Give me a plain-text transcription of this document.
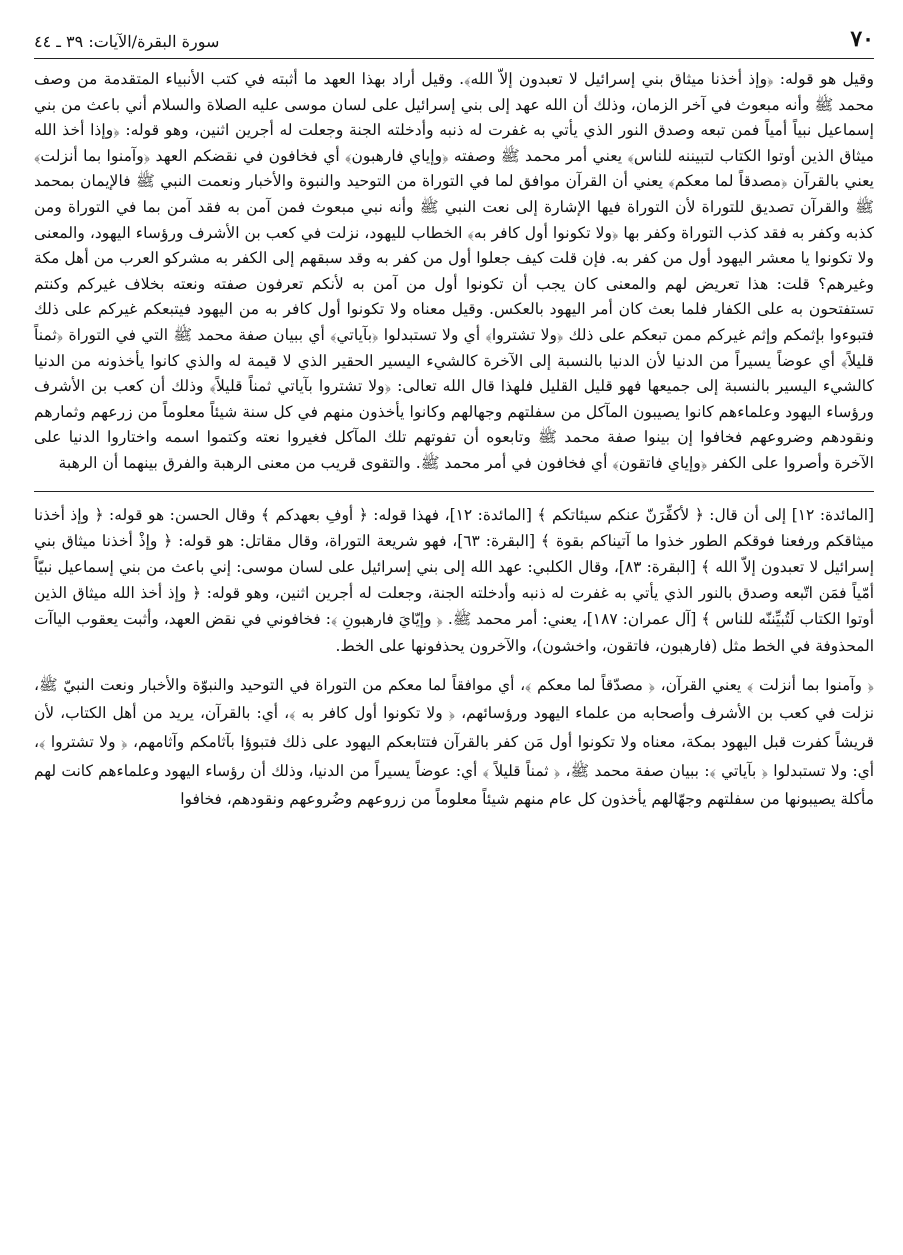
٧٠
سورة البقرة/الآيات: ٣٩ ـ ٤٤

وقيل هو قوله: ﴿وإذ أخذنا ميثاق بني إسرائيل لا تعبدون إلاّ الله﴾. وقيل أراد بهذا العهد ما أثبته في كتب الأنبياء المتقدمة من وصف محمد ﷺ وأنه مبعوث في آخر الزمان، وذلك أن الله عهد إلى بني إسرائيل على لسان موسى عليه الصلاة والسلام أني باعث من بني إسماعيل نبياً أمياً فمن تبعه وصدق النور الذي يأتي به غفرت له ذنبه وأدخلته الجنة وجعلت له أجرين اثنين، وهو قوله: ﴿وإذا أخذ الله ميثاق الذين أوتوا الكتاب لتبيننه للناس﴾ يعني أمر محمد ﷺ وصفته ﴿وإياي فارهبون﴾ أي فخافون في نقضكم العهد ﴿وآمنوا بما أنزلت﴾ يعني بالقرآن ﴿مصدقاً لما معكم﴾ يعني أن القرآن موافق لما في التوراة من التوحيد والنبوة والأخبار ونعمت النبي ﷺ فالإيمان بمحمد ﷺ والقرآن تصديق للتوراة لأن التوراة فيها الإشارة إلى نعت النبي ﷺ وأنه نبي مبعوث فمن آمن به فقد آمن بما في التوراة ومن كذبه وكفر به فقد كذب التوراة وكفر بها ﴿ولا تكونوا أول كافر به﴾ الخطاب لليهود، نزلت في كعب بن الأشرف ورؤساء اليهود، والمعنى ولا تكونوا يا معشر اليهود أول من كفر به. فإن قلت كيف جعلوا أول من كفر به وقد سبقهم إلى الكفر به مشركو العرب من أهل مكة وغيرهم؟ قلت: هذا تعريض لهم والمعنى كان يجب أن تكونوا أول من آمن به لأنكم تعرفون صفته ونعته بخلاف غيركم وكنتم تستفتحون به على الكفار فلما بعث كان أمر اليهود بالعكس. وقيل معناه ولا تكونوا أول كافر به من اليهود فيتبعكم غيركم على ذلك فتبوءوا بإثمكم وإثم غيركم ممن تبعكم على ذلك ﴿ولا تشتروا﴾ أي ولا تستبدلوا ﴿بآياتي﴾ أي ببيان صفة محمد ﷺ التي في التوراة ﴿ثمناً قليلاً﴾ أي عوضاً يسيراً من الدنيا لأن الدنيا بالنسبة إلى الآخرة كالشيء اليسير الحقير الذي لا قيمة له والذي كانوا يأخذونه من الدنيا كالشيء اليسير بالنسبة إلى جميعها فهو قليل القليل فلهذا قال الله تعالى: ﴿ولا تشتروا بآياتي ثمناً قليلاً﴾ وذلك أن كعب بن الأشرف ورؤساء اليهود وعلماءهم كانوا يصيبون المآكل من سفلتهم وجهالهم وكانوا يأخذون منهم في كل سنة شيئاً معلوماً من زرعهم وثمارهم ونقودهم وضروعهم فخافوا إن بينوا صفة محمد ﷺ وتابعوه أن تفوتهم تلك المآكل فغيروا نعته وكتموا اسمه واختاروا الدنيا على الآخرة وأصروا على الكفر ﴿وإياي فاتقون﴾ أي فخافون في أمر محمد ﷺ. والتقوى قريب من معنى الرهبة والفرق بينهما أن الرهبة

[المائدة: ١٢] إلى أن قال: ﴿ لأكفِّرَنّ عنكم سيئاتكم ﴾ [المائدة: ١٢]، فهذا قوله: ﴿ أوفِ بعهدكم ﴾ وقال الحسن: هو قوله: ﴿ وإذ أخذنا ميثاقكم ورفعنا فوقكم الطور خذوا ما آتيناكم بقوة ﴾ [البقرة: ٦٣]، فهو شريعة التوراة، وقال مقاتل: هو قوله: ﴿ وإذْ أخذنا ميثاق بني إسرائيل لا تعبدون إلاّ الله ﴾ [البقرة: ٨٣]، وقال الكلبي: عهد الله إلى بني إسرائيل على لسان موسى: إني باعث من بني إسماعيل نبيّاً أمّياً فمَن اتّبعه وصدق بالنور الذي يأتي به غفرت له ذنبه وأدخلته الجنة، وجعلت له أجرين اثنين، وهو قوله: ﴿ وإذ أخذ الله ميثاق الذين أوتوا الكتاب لَتُبيِّننّه للناس ﴾ [آل عمران: ١٨٧]، يعني: أمر محمد ﷺ. ﴿ وإيّايَ فارهبونِ ﴾: فخافوني في نقض العهد، وأثبت يعقوب الياآت المحذوفة في الخط مثل (فارهبون، فاتقون، واخشون)، والآخرون يحذفونها على الخط.

﴿ وآمنوا بما أنزلت ﴾ يعني القرآن، ﴿ مصدّقاً لما معكم ﴾، أي موافقاً لما معكم من التوراة في التوحيد والنبوّة والأخبار ونعت النبيّ ﷺ، نزلت في كعب بن الأشرف وأصحابه من علماء اليهود ورؤسائهم، ﴿ ولا تكونوا أول كافر به ﴾، أي: بالقرآن، يريد من أهل الكتاب، لأن قريشاً كفرت قبل اليهود بمكة، معناه ولا تكونوا أول مَن كفر بالقرآن فتتابعكم اليهود على ذلك فتبوؤا بآثامكم وآثامهم، ﴿ ولا تشتروا ﴾، أي: ولا تستبدلوا ﴿ بآياتي ﴾: ببيان صفة محمد ﷺ، ﴿ ثمناً قليلاً ﴾ أي: عوضاً يسيراً من الدنيا، وذلك أن رؤساء اليهود وعلماءهم كانت لهم مأكلة يصيبونها من سفلتهم وجهّالهم يأخذون كل عام منهم شيئاً معلوماً من زروعهم وضُروعهم ونقودهم، فخافوا
